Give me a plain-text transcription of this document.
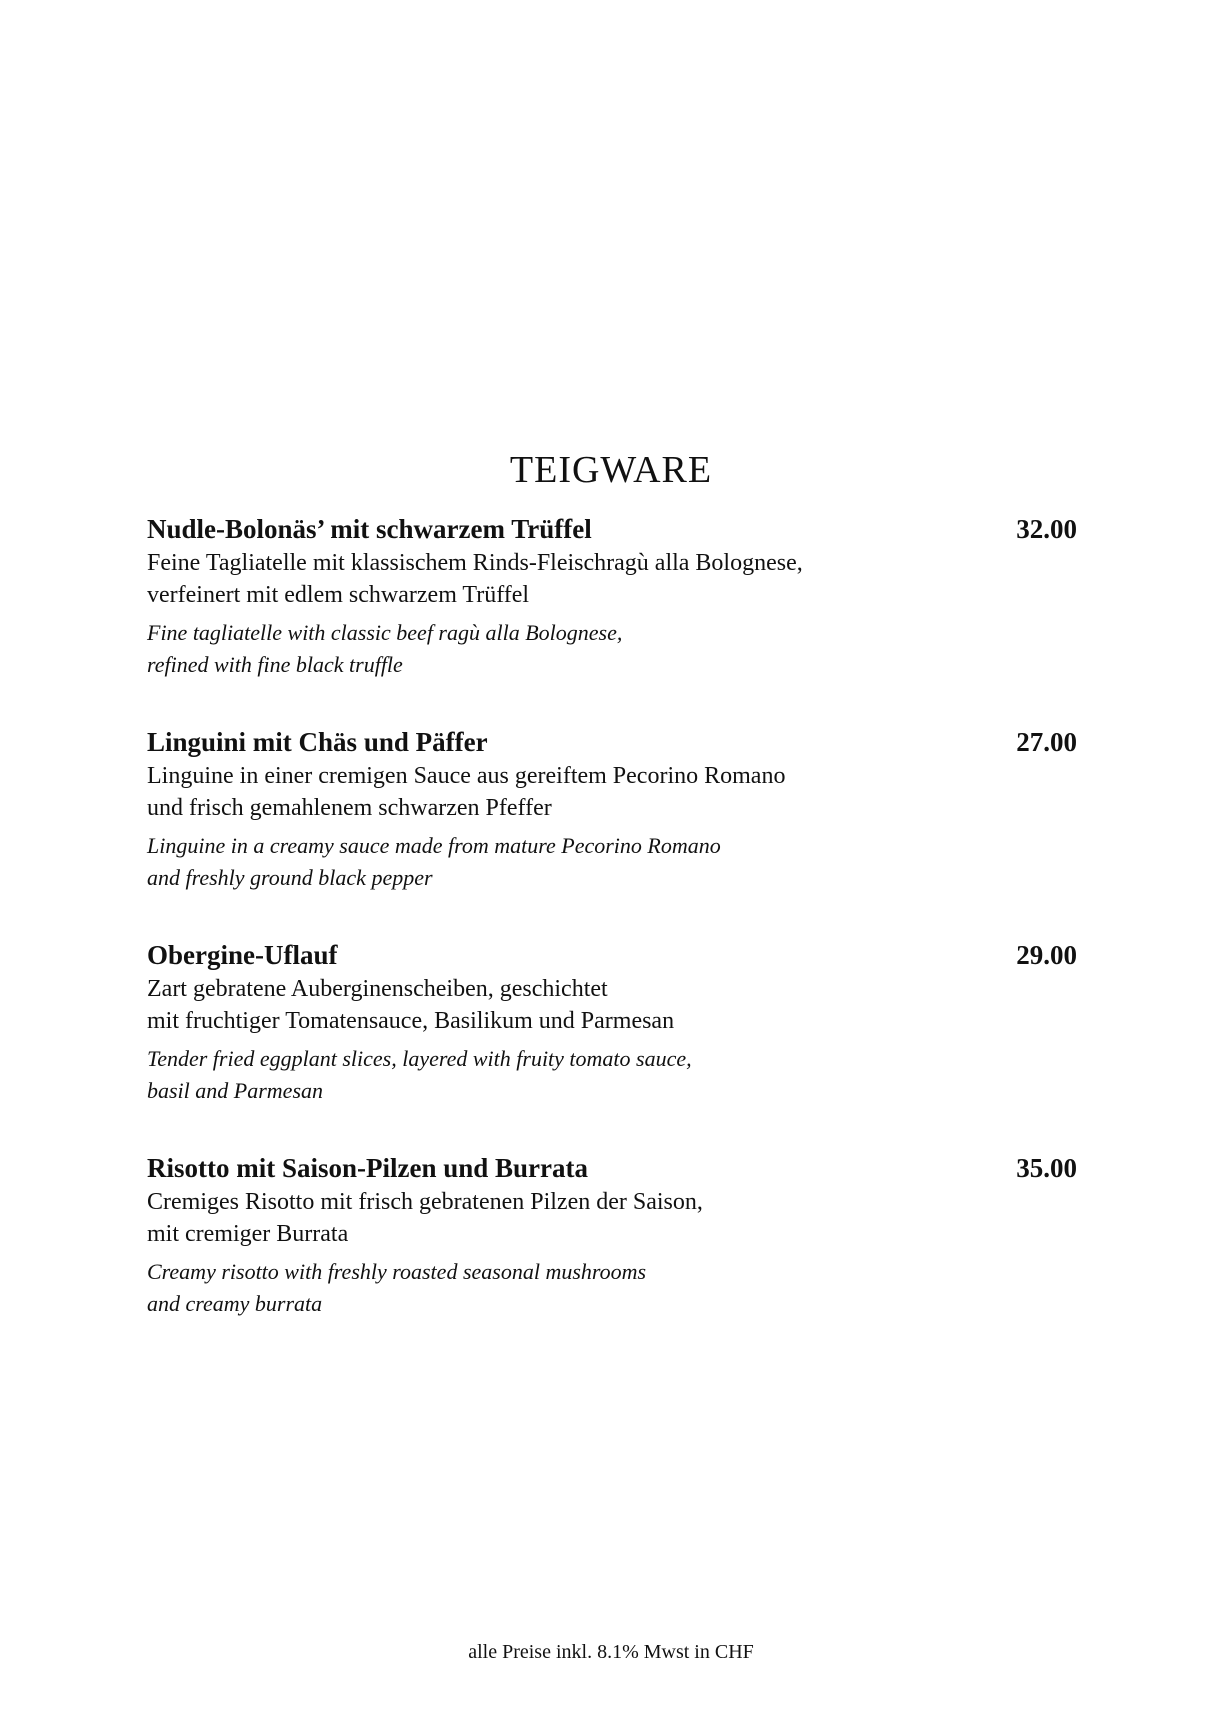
TEIGWARE
Nudle-Bolonäs’ mit schwarzem Trüffel	32.00
Feine Tagliatelle mit klassischem Rinds-Fleischragù alla Bolognese,
verfeinert mit edlem schwarzem Trüffel
Fine tagliatelle with classic beef ragù alla Bolognese,
refined with fine black truffle
Linguini mit Chäs und Päffer	27.00
Linguine in einer cremigen Sauce aus gereiftem Pecorino Romano
und frisch gemahlenem schwarzen Pfeffer
Linguine in a creamy sauce made from mature Pecorino Romano
and freshly ground black pepper
Obergine-Uflauf	29.00
Zart gebratene Auberginenscheiben, geschichtet
mit fruchtiger Tomatensauce, Basilikum und Parmesan
Tender fried eggplant slices, layered with fruity tomato sauce,
basil and Parmesan
Risotto mit Saison-Pilzen und Burrata	35.00
Cremiges Risotto mit frisch gebratenen Pilzen der Saison,
mit cremiger Burrata
Creamy risotto with freshly roasted seasonal mushrooms
and creamy burrata
alle Preise inkl. 8.1% Mwst in CHF
